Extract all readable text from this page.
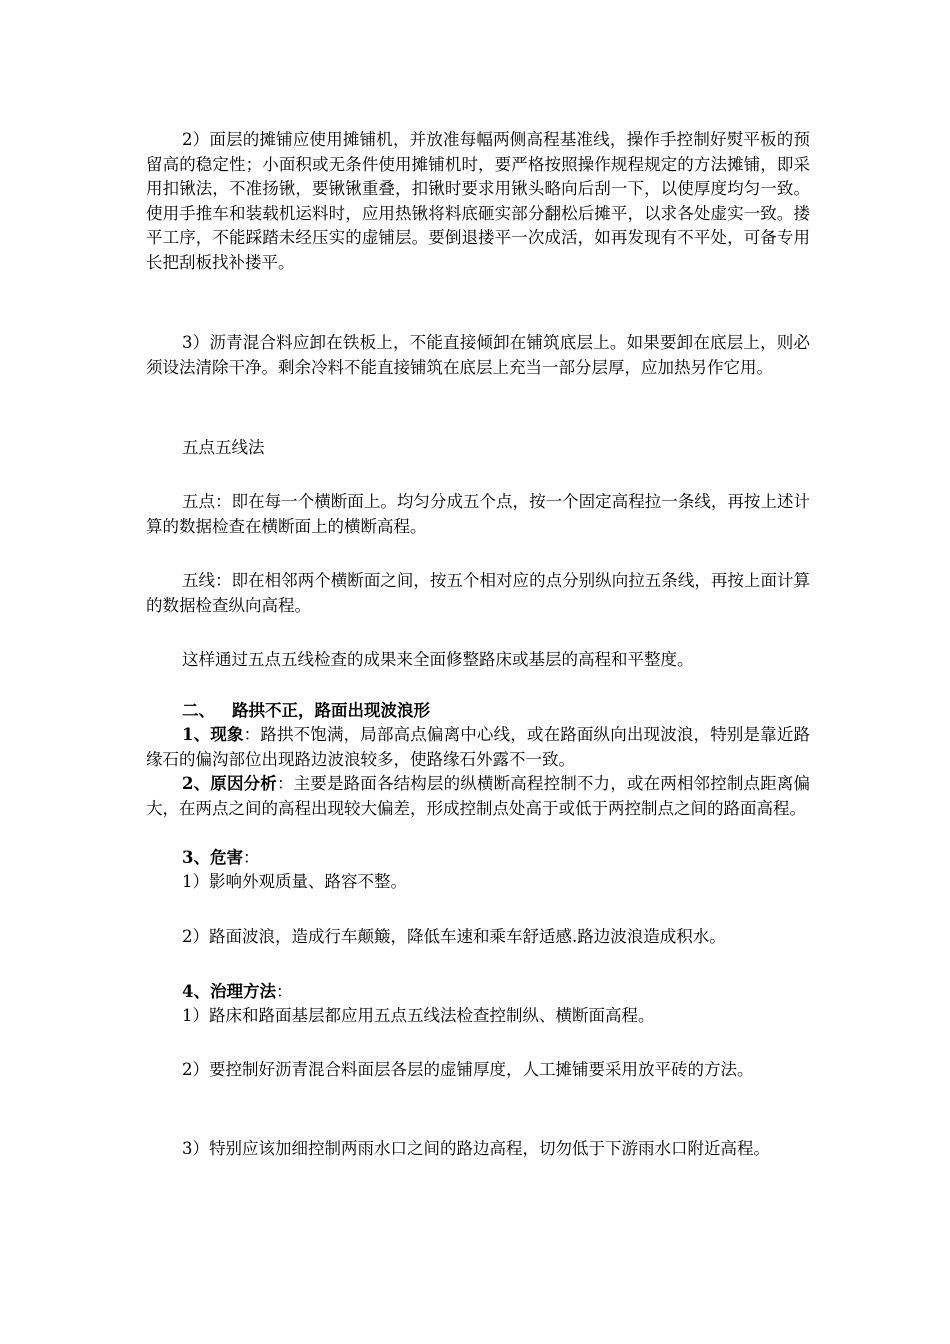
2）面层的摊铺应使用摊铺机，并放准每幅两侧高程基准线，操作手控制好熨平板的预留高的稳定性；小面积或无条件使用摊铺机时，要严格按照操作规程规定的方法摊铺，即采用扣锹法，不准扬锹，要锹锹重叠，扣锹时要求用锹头略向后刮一下，以使厚度均匀一致。使用手推车和装载机运料时，应用热锹将料底砸实部分翻松后摊平，以求各处虚实一致。搂平工序，不能踩踏未经压实的虚铺层。要倒退搂平一次成活，如再发现有不平处，可备专用长把刮板找补搂平。
3）沥青混合料应卸在铁板上，不能直接倾卸在铺筑底层上。如果要卸在底层上，则必须设法清除干净。剩余冷料不能直接铺筑在底层上充当一部分层厚，应加热另作它用。
五点五线法
五点：即在每一个横断面上。均匀分成五个点，按一个固定高程拉一条线，再按上述计算的数据检查在横断面上的横断高程。
五线：即在相邻两个横断面之间，按五个相对应的点分别纵向拉五条线，再按上面计算的数据检查纵向高程。
这样通过五点五线检查的成果来全面修整路床或基层的高程和平整度。
二、 路拱不正，路面出现波浪形
1、现象：路拱不饱满，局部高点偏离中心线，或在路面纵向出现波浪，特别是靠近路缘石的偏沟部位出现路边波浪较多，使路缘石外露不一致。
2、原因分析：主要是路面各结构层的纵横断高程控制不力，或在两相邻控制点距离偏大，在两点之间的高程出现较大偏差，形成控制点处高于或低于两控制点之间的路面高程。
3、危害：
1）影响外观质量、路容不整。
2）路面波浪，造成行车颠簸，降低车速和乘车舒适感.路边波浪造成积水。
4、治理方法：
1）路床和路面基层都应用五点五线法检查控制纵、横断面高程。
2）要控制好沥青混合料面层各层的虚铺厚度，人工摊铺要采用放平砖的方法。
3）特别应该加细控制两雨水口之间的路边高程，切勿低于下游雨水口附近高程。
